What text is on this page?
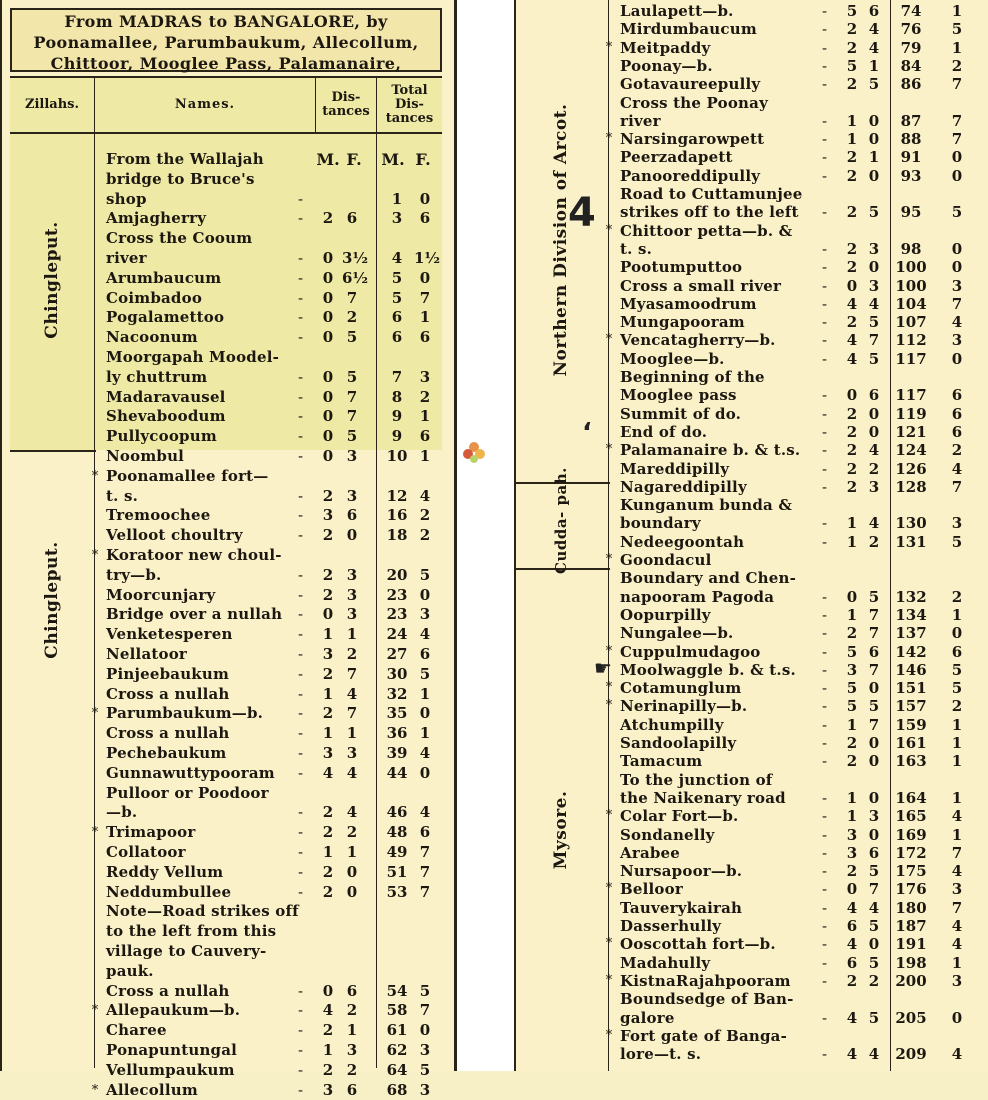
From MADRAS to BANGALORE, by
Poonamallee, Parumbaukum, Allecollum,
Chittoor, Mooglee Pass, Palamanaire,
Zillahs.	Names.	Dis- tances
Total Dis- tances
Chingleput.
Chingleput.
M. F. M. F.
From the Wallajah
bridge to Bruce's
shop	-	1	0
Amjagherry	- 2 6	3	6
Cross the Cooum
river	- 0 3½	4 1½
Arumbaucum	- 0 6½	5	0
Coimbadoo	- 0 7	5	7
Pogalamettoo	- 0 2	6	1
Nacoonum	- 0 5	6	6
Moorgapah Moodel-
ly chuttrum	- 0 5	7	3
Madaravausel	- 0 7	8	2
Shevaboodum	- 0 7	9	1
Pullycoopum	- 0 5	9	6
Noombul	- 0 3	10 1
* Poonamallee fort—
t. s.	- 2 3	12 4
Tremoochee	- 3 6	16 2
Velloot choultry	- 2 0	18 2
* Koratoor new choul-
try—b.	- 2 3	20 5
Moorcunjary	- 2 3	23 0
Bridge over a nullah - 0 3	23 3
Venketesperen	- 1 1	24 4
Nellatoor	- 3 2	27 6
Pinjeebaukum	- 2 7	30 5
Cross a nullah	- 1 4	32 1
* Parumbaukum—b. - 2 7	35 0
Cross a nullah	- 1 1	36 1
Pechebaukum	- 3 3	39 4
Gunnawuttypooram - 4 4	44 0
Pulloor or Poodoor
—b.	- 2 4	46 4
* Trimapoor	- 2 2	48 6
Collatoor	- 1 1	49 7
Reddy Vellum	- 2 0	51 7
Neddumbullee	- 2 0	53 7
Note—Road strikes off
to the left from this
village to Cauvery-
pauk.
Cross a nullah	- 0 6	54 5
* Allepaukum—b.	- 4 2	58 7
Charee	- 2 1	61 0
Ponapuntungal	- 1 3	62 3
Vellumpaukum	- 2 2	64 5
* Allecollum	- 3 6	68 3
Northern Division of Arcot.
Cudda- pah.
Mysore.
4
‘
☛
Laulapett—b.	- 5 6	74	1
Mirdumbaucum	- 2 4	76	5
* Meitpaddy	- 2 4	79	1
Poonay—b.	- 5 1	84	2
Gotavaureepully	- 2 5	86	7
Cross the Poonay
river	- 1 0	87	7
* Narsingarowpett	- 1 0	88	7
Peerzadapett	- 2 1	91	0
Panooreddipully	- 2 0	93	0
Road to Cuttamunjee
strikes off to the left - 2 5	95	5
* Chittoor petta—b. &
t. s.	- 2 3	98	0
Pootumputtoo	- 2 0	100	0
Cross a small river	- 0 3	100	3
Myasamoodrum	- 4 4	104	7
Mungapooram	- 2 5	107	4
* Vencatagherry—b.	- 4 7	112	3
Mooglee—b.	- 4 5	117	0
Beginning of the
Mooglee pass	- 0 6	117	6
Summit of do.	- 2 0	119	6
End of do.	- 2 0	121	6
* Palamanaire b. & t.s. - 2 4	124	2
Mareddipilly	- 2 2	126	4
Nagareddipilly	- 2 3	128	7
Kunganum bunda &
boundary	- 1 4	130	3
Nedeegoontah	- 1 2	131	5
* Goondacul
Boundary and Chen-
napooram Pagoda	- 0 5	132	2
Oopurpilly	- 1 7	134	1
Nungalee—b.	- 2 7	137	0
* Cuppulmudagoo	- 5 6	142	6
Moolwaggle b. & t.s. - 3 7	146	5
* Cotamunglum	- 5 0	151	5
* Nerinapilly—b.	- 5 5	157	2
Atchumpilly	- 1 7	159	1
Sandoolapilly	- 2 0	161	1
Tamacum	- 2 0	163	1
To the junction of
the Naikenary road - 1 0	164	1
* Colar Fort—b.	- 1 3	165	4
Sondanelly	- 3 0	169	1
Arabee	- 3 6	172	7
Nursapoor—b.	- 2 5	175	4
* Belloor	- 0 7	176	3
Tauverykairah	- 4 4	180	7
Dasserhully	- 6 5	187	4
* Ooscottah fort—b.	- 4 0	191	4
Madahully	- 6 5	198	1
* KistnaRajahpooram - 2 2	200	3
Boundsedge of Ban-
galore	- 4 5	205	0
* Fort gate of Banga-
lore—t. s.	- 4 4	209	4
